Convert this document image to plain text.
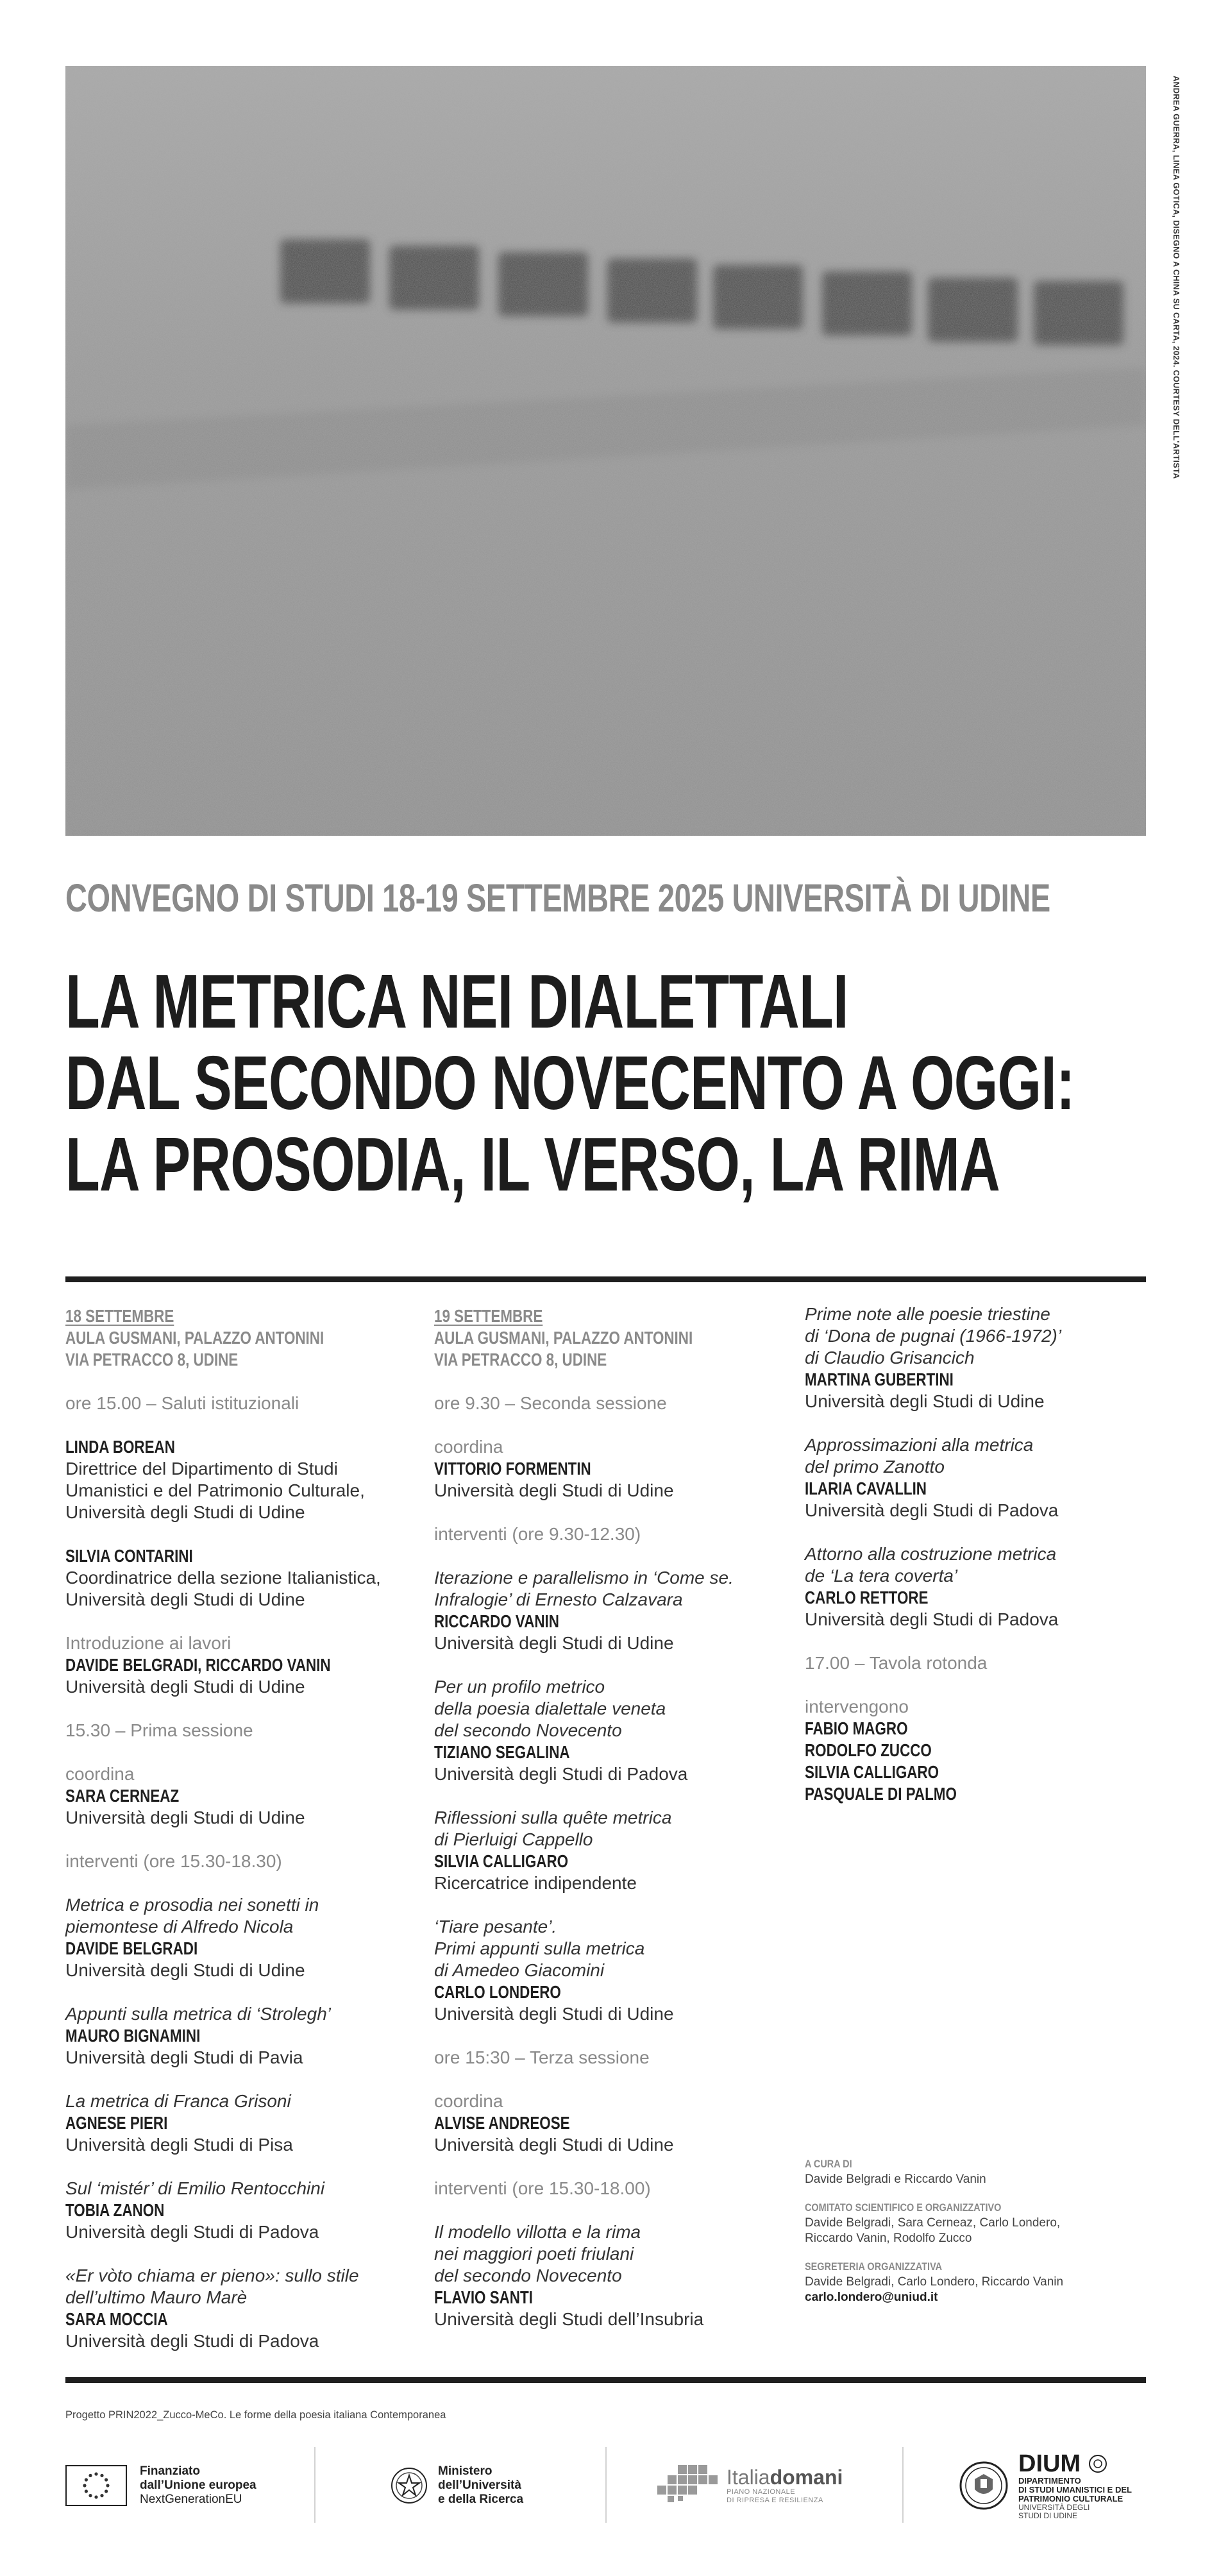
ANDREA GUERRA, LINEA GOTICA, DISEGNO A CHINA SU CARTA, 2024. COURTESY DELL'ARTISTA
CONVEGNO DI STUDI 18-19 SETTEMBRE 2025 UNIVERSITÀ DI UDINE
LA METRICA NEI DIALETTALI
DAL SECONDO NOVECENTO A OGGI:
LA PROSODIA, IL VERSO, LA RIMA
18 SETTEMBRE
AULA GUSMANI, PALAZZO ANTONINI
VIA PETRACCO 8, UDINE
ore 15.00 – Saluti istituzionali
LINDA BOREAN
Direttrice del Dipartimento di Studi
Umanistici e del Patrimonio Culturale,
Università degli Studi di Udine
SILVIA CONTARINI
Coordinatrice della sezione Italianistica,
Università degli Studi di Udine
Introduzione ai lavori
DAVIDE BELGRADI, RICCARDO VANIN
Università degli Studi di Udine
15.30 – Prima sessione
coordina
SARA CERNEAZ
Università degli Studi di Udine
interventi (ore 15.30-18.30)
Metrica e prosodia nei sonetti in
piemontese di Alfredo Nicola
DAVIDE BELGRADI
Università degli Studi di Udine
Appunti sulla metrica di ‘Strolegh’
MAURO BIGNAMINI
Università degli Studi di Pavia
La metrica di Franca Grisoni
AGNESE PIERI
Università degli Studi di Pisa
Sul ‘mistér’ di Emilio Rentocchini
TOBIA ZANON
Università degli Studi di Padova
«Er vòto chiama er pieno»: sullo stile
dell’ultimo Mauro Marè
SARA MOCCIA
Università degli Studi di Padova
19 SETTEMBRE
AULA GUSMANI, PALAZZO ANTONINI
VIA PETRACCO 8, UDINE
ore 9.30 – Seconda sessione
coordina
VITTORIO FORMENTIN
Università degli Studi di Udine
interventi (ore 9.30-12.30)
Iterazione e parallelismo in ‘Come se.
Infralogie’ di Ernesto Calzavara
RICCARDO VANIN
Università degli Studi di Udine
Per un profilo metrico
della poesia dialettale veneta
del secondo Novecento
TIZIANO SEGALINA
Università degli Studi di Padova
Riflessioni sulla quête metrica
di Pierluigi Cappello
SILVIA CALLIGARO
Ricercatrice indipendente
‘Tiare pesante’.
Primi appunti sulla metrica
di Amedeo Giacomini
CARLO LONDERO
Università degli Studi di Udine
ore 15:30 – Terza sessione
coordina
ALVISE ANDREOSE
Università degli Studi di Udine
interventi (ore 15.30-18.00)
Il modello villotta e la rima
nei maggiori poeti friulani
del secondo Novecento
FLAVIO SANTI
Università degli Studi dell’Insubria
Prime note alle poesie triestine
di ‘Dona de pugnai (1966-1972)’
di Claudio Grisancich
MARTINA GUBERTINI
Università degli Studi di Udine
Approssimazioni alla metrica
del primo Zanotto
ILARIA CAVALLIN
Università degli Studi di Padova
Attorno alla costruzione metrica
de ‘La tera coverta’
CARLO RETTORE
Università degli Studi di Padova
17.00 – Tavola rotonda
intervengono
FABIO MAGRO
RODOLFO ZUCCO
SILVIA CALLIGARO
PASQUALE DI PALMO
A CURA DI
Davide Belgradi e Riccardo Vanin
COMITATO SCIENTIFICO E ORGANIZZATIVO
Davide Belgradi, Sara Cerneaz, Carlo Londero,
Riccardo Vanin, Rodolfo Zucco
SEGRETERIA ORGANIZZATIVA
Davide Belgradi, Carlo Londero, Riccardo Vanin
carlo.londero@uniud.it
Progetto PRIN2022_Zucco-MeCo. Le forme della poesia italiana Contemporanea
Finanziato
dall’Unione europea
NextGenerationEU
Ministero
dell’Università
e della Ricerca
Italiadomani
PIANO NAZIONALE
DI RIPRESA E RESILIENZA
DIUM
DIPARTIMENTO
DI STUDI UMANISTICI E DEL
PATRIMONIO CULTURALE
UNIVERSITÀ DEGLI
STUDI DI UDINE
